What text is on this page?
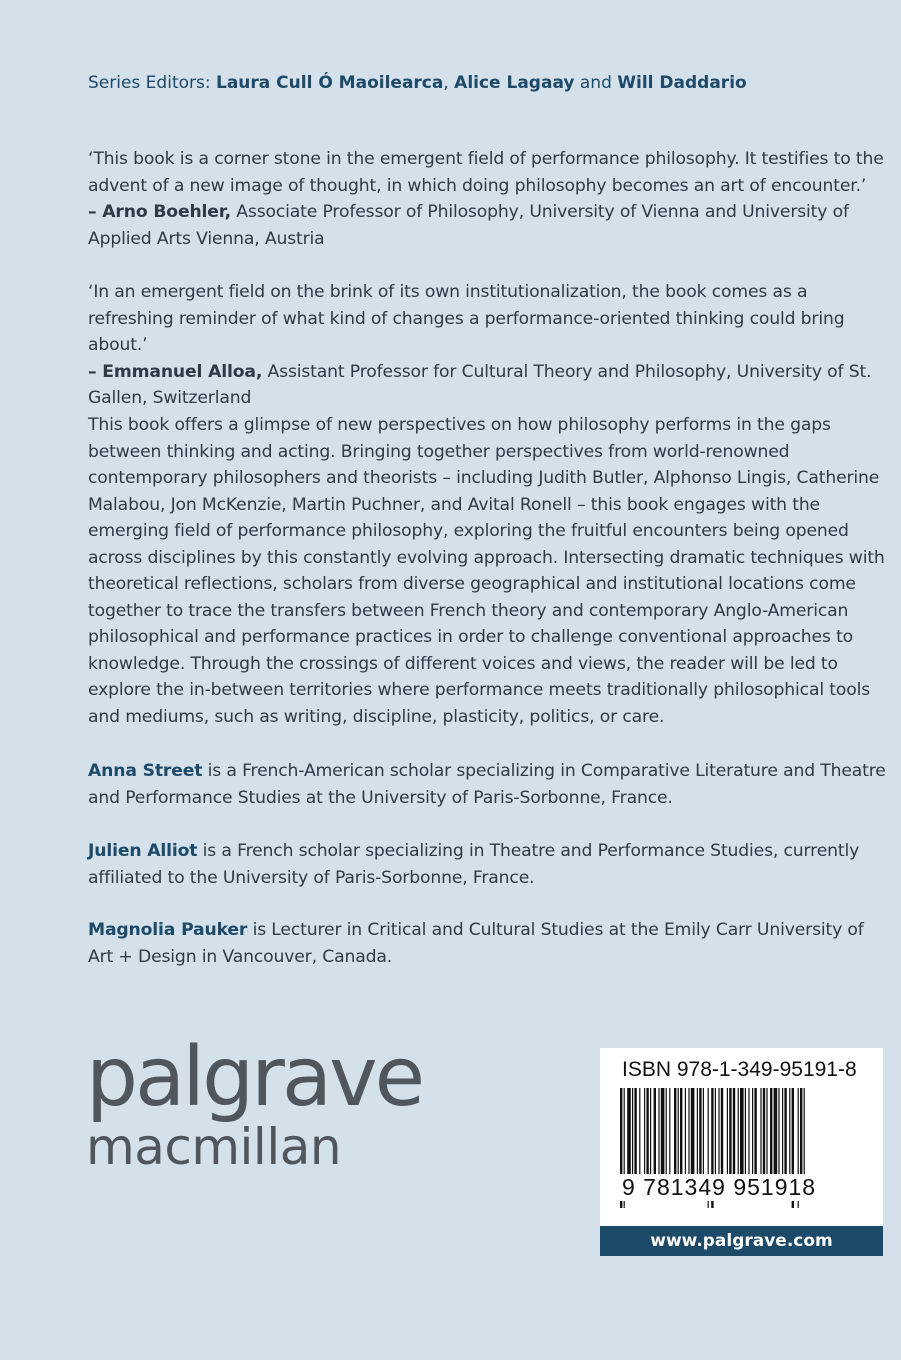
Series Editors: Laura Cull Ó Maoilearca, Alice Lagaay and Will Daddario

‘This book is a corner stone in the emergent field of performance philosophy. It testifies to the advent of a new image of thought, in which doing philosophy becomes an art of encounter.’

– Arno Boehler, Associate Professor of Philosophy, University of Vienna and University of Applied Arts Vienna, Austria

‘In an emergent field on the brink of its own institutionalization, the book comes as a refreshing reminder of what kind of changes a performance-oriented thinking could bring about.’

– Emmanuel Alloa, Assistant Professor for Cultural Theory and Philosophy, University of St. Gallen, Switzerland

This book offers a glimpse of new perspectives on how philosophy performs in the gaps between thinking and acting. Bringing together perspectives from world-renowned contemporary philosophers and theorists – including Judith Butler, Alphonso Lingis, Catherine Malabou, Jon McKenzie, Martin Puchner, and Avital Ronell – this book engages with the emerging field of performance philosophy, exploring the fruitful encounters being opened across disciplines by this constantly evolving approach. Intersecting dramatic techniques with theoretical reflections, scholars from diverse geographical and institutional locations come together to trace the transfers between French theory and contemporary Anglo-American philosophical and performance practices in order to challenge conventional approaches to knowledge. Through the crossings of different voices and views, the reader will be led to explore the in-between territories where performance meets traditionally philosophical tools and mediums, such as writing, discipline, plasticity, politics, or care.

Anna Street is a French-American scholar specializing in Comparative Literature and Theatre and Performance Studies at the University of Paris-Sorbonne, France.

Julien Alliot is a French scholar specializing in Theatre and Performance Studies, currently affiliated to the University of Paris-Sorbonne, France.

Magnolia Pauker is Lecturer in Critical and Cultural Studies at the Emily Carr University of Art + Design in Vancouver, Canada.

palgrave
macmillan
ISBN 978-1-349-95191-8
9 781349 951918
www.palgrave.com
